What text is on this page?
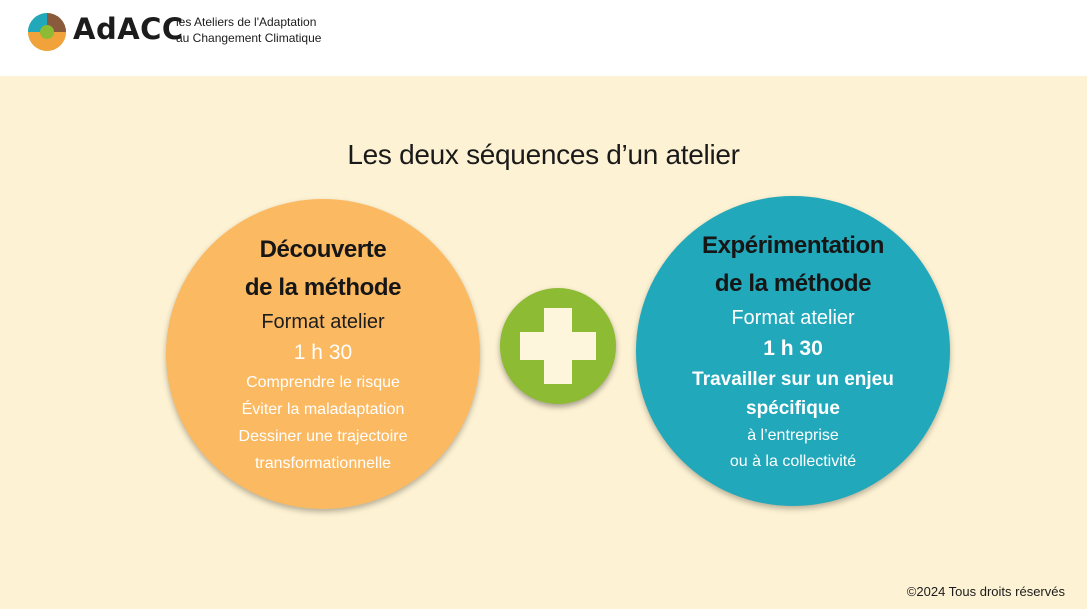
AdACC
les Ateliers de l'Adaptation
au Changement Climatique
Les deux séquences d’un atelier
Découverte
de la méthode
Format atelier
1 h 30
Comprendre le risque
Éviter la maladaptation
Dessiner une trajectoire
transformationnelle
Expérimentation
de la méthode
Format atelier
1 h 30
Travailler sur un enjeu
spécifique
à l’entreprise
ou à la collectivité
©2024 Tous droits réservés
